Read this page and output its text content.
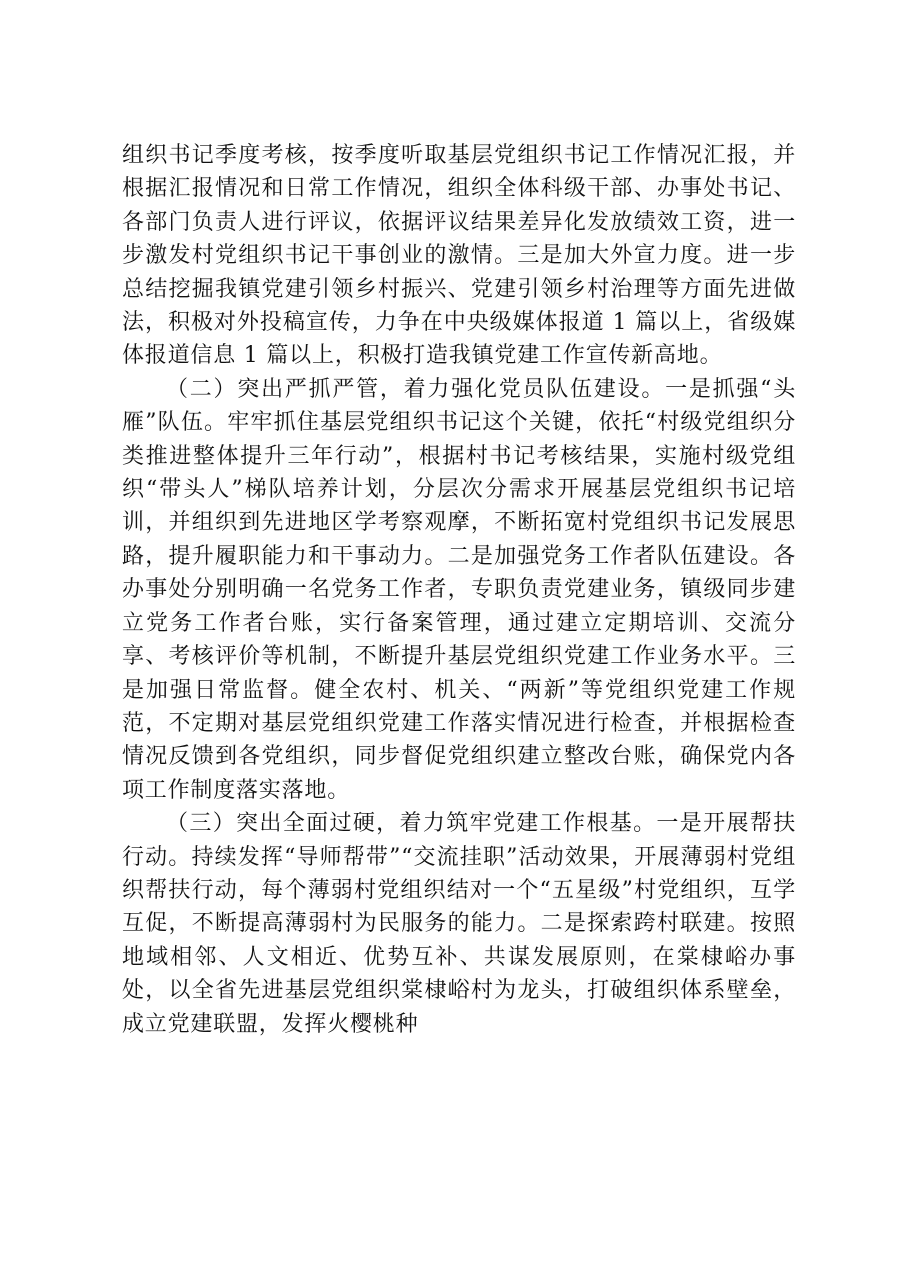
组织书记季度考核，按季度听取基层党组织书记工作情况汇报，并根据汇报情况和日常工作情况，组织全体科级干部、办事处书记、各部门负责人进行评议，依据评议结果差异化发放绩效工资，进一步激发村党组织书记干事创业的激情。三是加大外宣力度。进一步总结挖掘我镇党建引领乡村振兴、党建引领乡村治理等方面先进做法，积极对外投稿宣传，力争在中央级媒体报道 1 篇以上，省级媒体报道信息 1 篇以上，积极打造我镇党建工作宣传新高地。

（二）突出严抓严管，着力强化党员队伍建设。一是抓强“头雁”队伍。牢牢抓住基层党组织书记这个关键，依托“村级党组织分类推进整体提升三年行动”，根据村书记考核结果，实施村级党组织“带头人”梯队培养计划，分层次分需求开展基层党组织书记培训，并组织到先进地区学考察观摩，不断拓宽村党组织书记发展思路，提升履职能力和干事动力。二是加强党务工作者队伍建设。各办事处分别明确一名党务工作者，专职负责党建业务，镇级同步建立党务工作者台账，实行备案管理，通过建立定期培训、交流分享、考核评价等机制，不断提升基层党组织党建工作业务水平。三是加强日常监督。健全农村、机关、“两新”等党组织党建工作规范，不定期对基层党组织党建工作落实情况进行检查，并根据检查情况反馈到各党组织，同步督促党组织建立整改台账，确保党内各项工作制度落实落地。

（三）突出全面过硬，着力筑牢党建工作根基。一是开展帮扶行动。持续发挥“导师帮带”“交流挂职”活动效果，开展薄弱村党组织帮扶行动，每个薄弱村党组织结对一个“五星级”村党组织，互学互促，不断提高薄弱村为民服务的能力。二是探索跨村联建。按照地域相邻、人文相近、优势互补、共谋发展原则，在棠棣峪办事处，以全省先进基层党组织棠棣峪村为龙头，打破组织体系壁垒，成立党建联盟，发挥火樱桃种
